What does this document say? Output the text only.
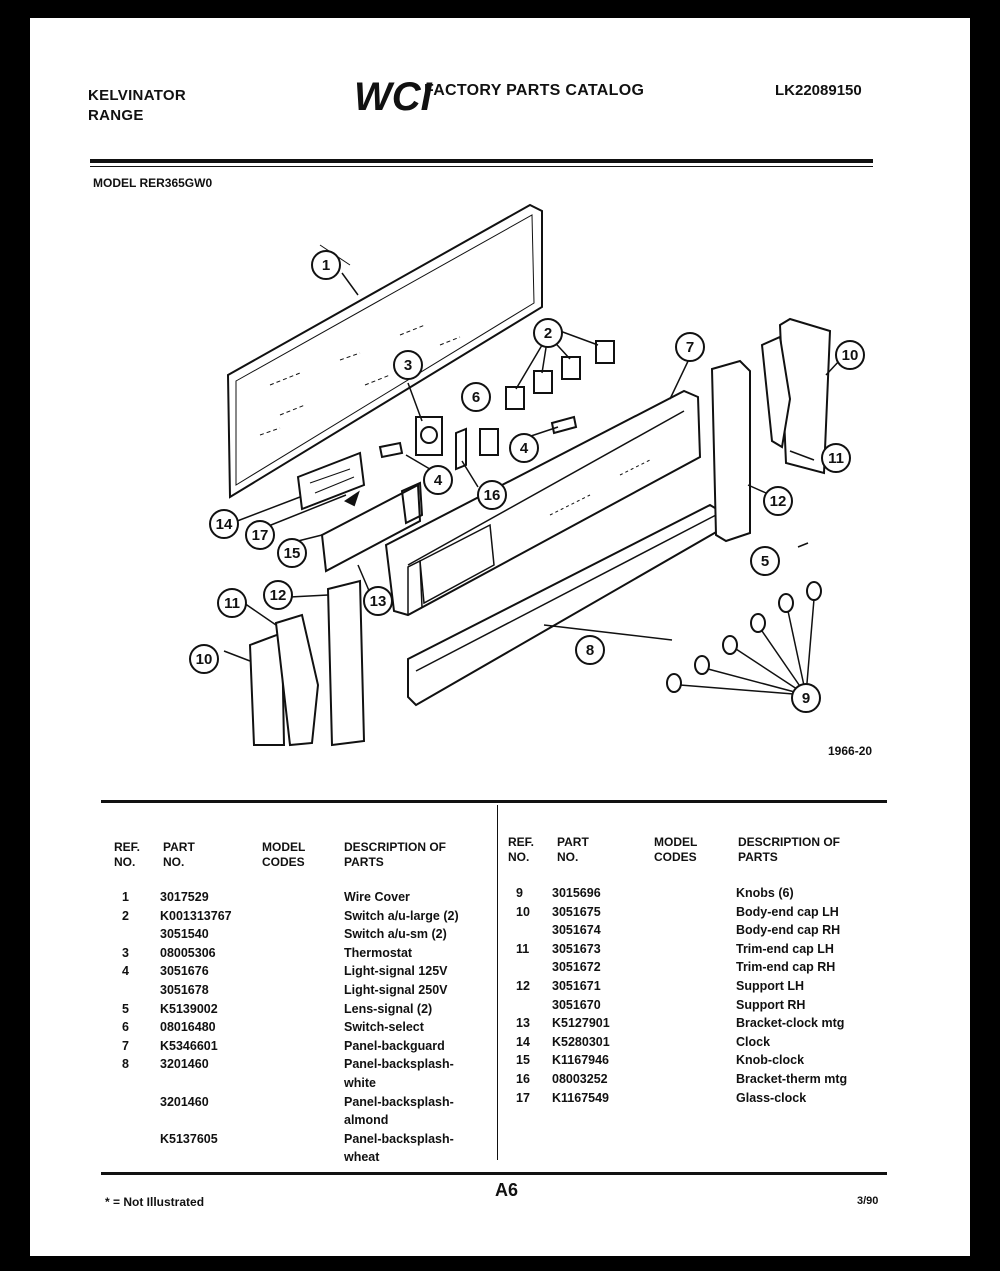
KELVINATOR
RANGE	WCI
FACTORY PARTS CATALOG	LK22089150
MODEL RER365GW0
1
2
3
4
4
5
6
7
8
9
10
10
11
11
12
12	13
14
15
16
17
1966-20
REF. NO.
PART NO.
MODEL CODES
DESCRIPTION OF PARTS
REF. NO.
PART NO.
MODEL CODES
DESCRIPTION OF PARTS
1 3017529	Wire Cover
2 K001313767	Switch a/u-large (2)
3051540	Switch a/u-sm (2)
3 08005306	Thermostat
4 3051676	Light-signal 125V
3051678	Light-signal 250V
5 K5139002	Lens-signal (2)
6 08016480	Switch-select
7 K5346601	Panel-backguard
8 3201460	Panel-backsplash-
white
3201460	Panel-backsplash-
almond
K5137605	Panel-backsplash-
wheat
9 3015696	Knobs (6)
10 3051675	Body-end cap LH
3051674	Body-end cap RH
11 3051673	Trim-end cap LH
3051672	Trim-end cap RH
12 3051671	Support LH
3051670	Support RH
13 K5127901	Bracket-clock mtg
14 K5280301	Clock
15 K1167946	Knob-clock
16 08003252	Bracket-therm mtg
17 K1167549	Glass-clock
A6
* = Not Illustrated	3/90
